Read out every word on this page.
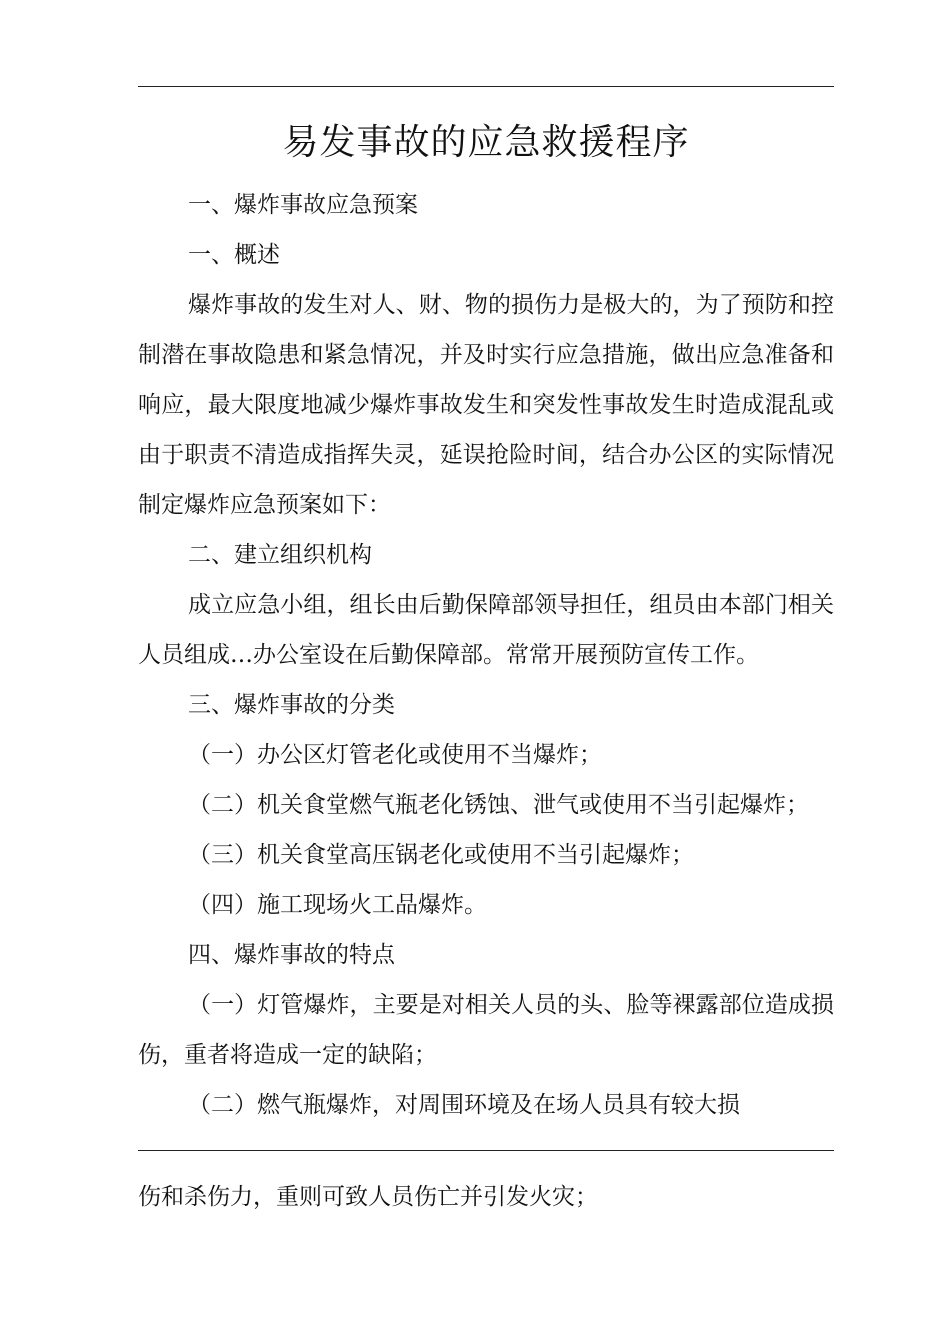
易发事故的应急救援程序

一、爆炸事故应急预案

一、概述

爆炸事故的发生对人、财、物的损伤力是极大的，为了预防和控制潜在事故隐患和紧急情况，并及时实行应急措施，做出应急准备和响应，最大限度地减少爆炸事故发生和突发性事故发生时造成混乱或由于职责不清造成指挥失灵，延误抢险时间，结合办公区的实际情况制定爆炸应急预案如下：

二、建立组织机构

成立应急小组，组长由后勤保障部领导担任，组员由本部门相关人员组成…办公室设在后勤保障部。常常开展预防宣传工作。

三、爆炸事故的分类

（一）办公区灯管老化或使用不当爆炸；

（二）机关食堂燃气瓶老化锈蚀、泄气或使用不当引起爆炸；

（三）机关食堂高压锅老化或使用不当引起爆炸；

（四）施工现场火工品爆炸。

四、爆炸事故的特点

（一）灯管爆炸，主要是对相关人员的头、脸等裸露部位造成损伤，重者将造成一定的缺陷；

（二）燃气瓶爆炸，对周围环境及在场人员具有较大损

伤和杀伤力，重则可致人员伤亡并引发火灾；
